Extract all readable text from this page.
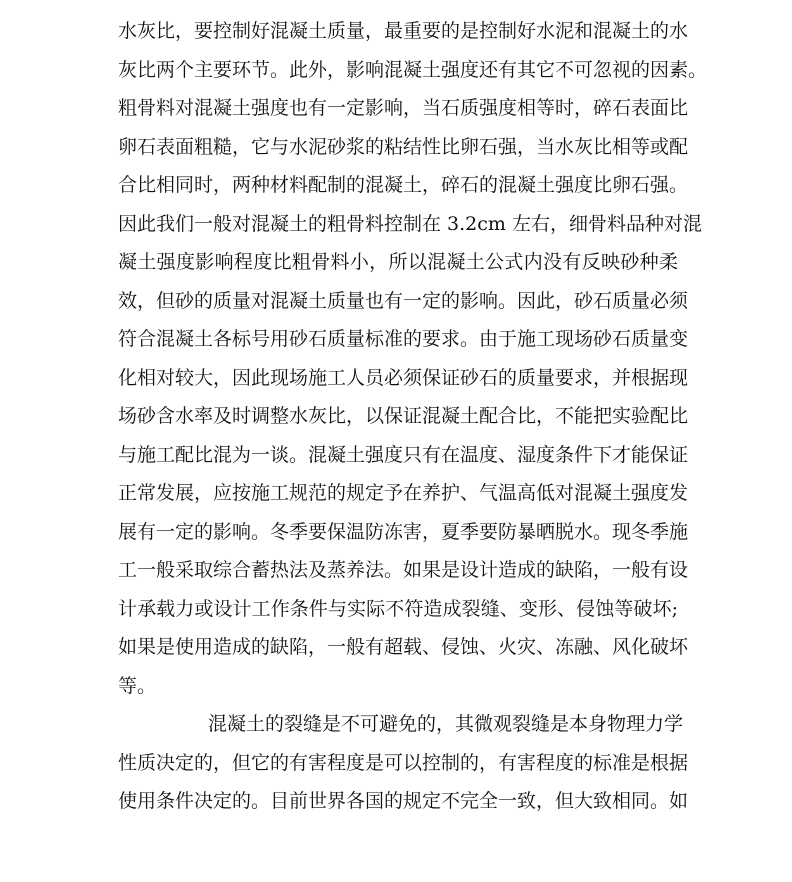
水灰比，要控制好混凝土质量，最重要的是控制好水泥和混凝土的水
灰比两个主要环节。此外，影响混凝土强度还有其它不可忽视的因素。
粗骨料对混凝土强度也有一定影响，当石质强度相等时，碎石表面比
卵石表面粗糙，它与水泥砂浆的粘结性比卵石强，当水灰比相等或配
合比相同时，两种材料配制的混凝土，碎石的混凝土强度比卵石强。
因此我们一般对混凝土的粗骨料控制在 3.2cm 左右，细骨料品种对混
凝土强度影响程度比粗骨料小，所以混凝土公式内没有反映砂种柔
效，但砂的质量对混凝土质量也有一定的影响。因此，砂石质量必须
符合混凝土各标号用砂石质量标准的要求。由于施工现场砂石质量变
化相对较大，因此现场施工人员必须保证砂石的质量要求，并根据现
场砂含水率及时调整水灰比，以保证混凝土配合比，不能把实验配比
与施工配比混为一谈。混凝土强度只有在温度、湿度条件下才能保证
正常发展，应按施工规范的规定予在养护、气温高低对混凝土强度发
展有一定的影响。冬季要保温防冻害，夏季要防暴晒脱水。现冬季施
工一般采取综合蓄热法及蒸养法。如果是设计造成的缺陷，一般有设
计承载力或设计工作条件与实际不符造成裂缝、变形、侵蚀等破坏;
如果是使用造成的缺陷，一般有超载、侵蚀、火灾、冻融、风化破坏
等。
混凝土的裂缝是不可避免的，其微观裂缝是本身物理力学
性质决定的，但它的有害程度是可以控制的，有害程度的标准是根据
使用条件决定的。目前世界各国的规定不完全一致，但大致相同。如
